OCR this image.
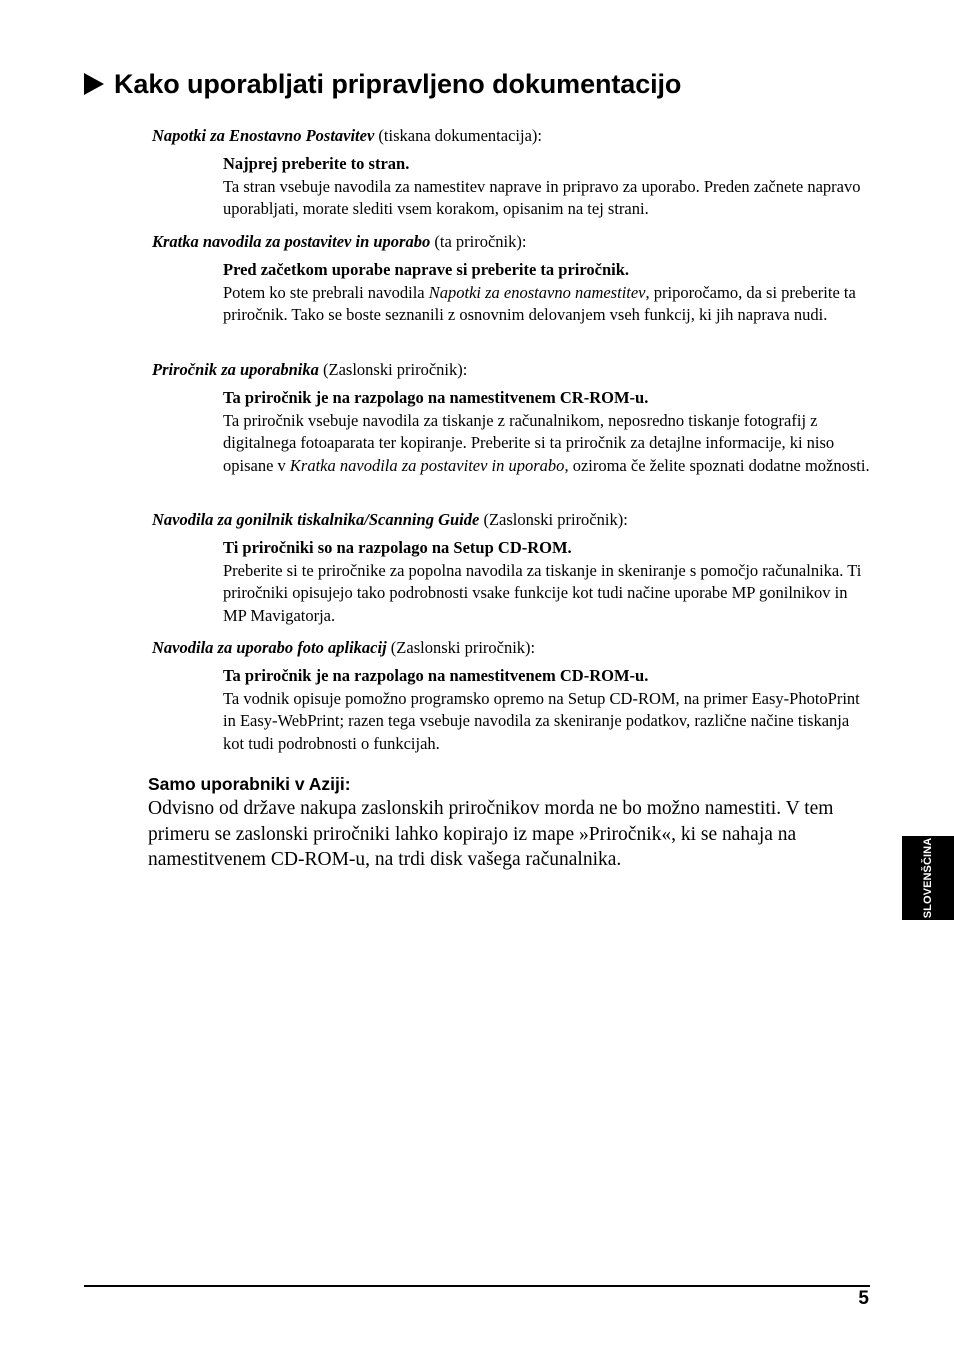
Kako uporabljati pripravljeno dokumentacijo
Napotki za Enostavno Postavitev (tiskana dokumentacija):
Najprej preberite to stran.
Ta stran vsebuje navodila za namestitev naprave in pripravo za uporabo. Preden začnete napravo uporabljati, morate slediti vsem korakom, opisanim na tej strani.
Kratka navodila za postavitev in uporabo (ta priročnik):
Pred začetkom uporabe naprave si preberite ta priročnik.
Potem ko ste prebrali navodila Napotki za enostavno namestitev, priporočamo, da si preberite ta priročnik. Tako se boste seznanili z osnovnim delovanjem vseh funkcij, ki jih naprava nudi.
Priročnik za uporabnika (Zaslonski priročnik):
Ta priročnik je na razpolago na namestitvenem CR-ROM-u.
Ta priročnik vsebuje navodila za tiskanje z računalnikom, neposredno tiskanje fotografij z digitalnega fotoaparata ter kopiranje. Preberite si ta priročnik za detajlne informacije, ki niso opisane v Kratka navodila za postavitev in uporabo, oziroma če želite spoznati dodatne možnosti.
Navodila za gonilnik tiskalnika/Scanning Guide (Zaslonski priročnik):
Ti priročniki so na razpolago na Setup CD-ROM.
Preberite si te priročnike za popolna navodila za tiskanje in skeniranje s pomočjo računalnika. Ti priročniki opisujejo tako podrobnosti vsake funkcije kot tudi načine uporabe MP gonilnikov in MP Mavigatorja.
Navodila za uporabo foto aplikacij (Zaslonski priročnik):
Ta priročnik je na razpolago na namestitvenem CD-ROM-u.
Ta vodnik opisuje pomožno programsko opremo na Setup CD-ROM, na primer Easy-PhotoPrint in Easy-WebPrint; razen tega vsebuje navodila za skeniranje podatkov, različne načine tiskanja kot tudi podrobnosti o funkcijah.
Samo uporabniki v Aziji:
Odvisno od države nakupa zaslonskih priročnikov morda ne bo možno namestiti. V tem primeru se zaslonski priročniki lahko kopirajo iz mape »Priročnik«, ki se nahaja na namestitvenem CD-ROM-u, na trdi disk vašega računalnika.	SLOVENŠČINA
5
